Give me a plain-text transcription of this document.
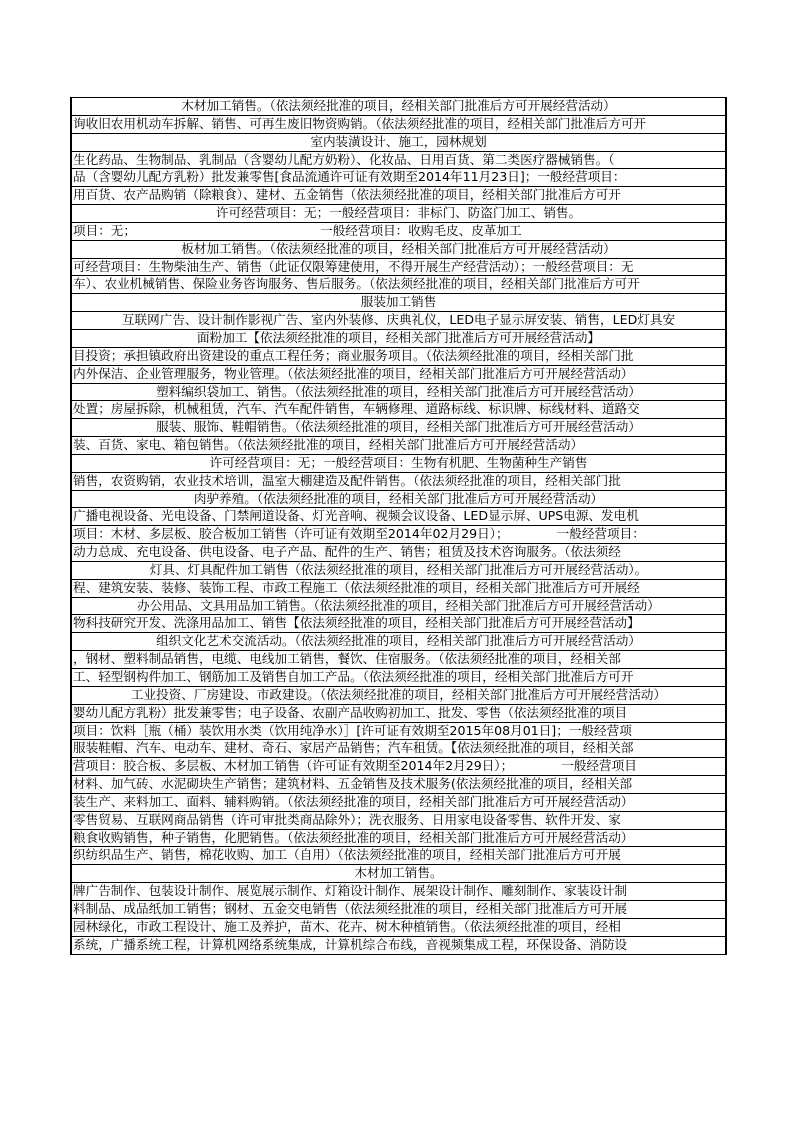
木材加工销售。（依法须经批准的项目，经相关部门批准后方可开展经营活动）
询收旧农用机动车拆解、销售、可再生废旧物资购销。（依法须经批准的项目，经相关部门批准后方可开
室内装潢设计、施工，园林规划
生化药品、生物制品、乳制品（含婴幼儿配方奶粉）、化妆品、日用百货、第二类医疗器械销售。（
品（含婴幼儿配方乳粉）批发兼零售[食品流通许可证有效期至2014年11月23日]；一般经营项目：
用百货、农产品购销（除粮食）、建材、五金销售（依法须经批准的项目，经相关部门批准后方可开
许可经营项目：无；一般经营项目：非标门、防盗门加工、销售。
项目：无；                                              一般经营项目：收购毛皮、皮革加工
板材加工销售。（依法须经批准的项目，经相关部门批准后方可开展经营活动）
可经营项目：生物柴油生产、销售（此证仅限筹建使用，不得开展生产经营活动）；一般经营项目：无
车）、农业机械销售、保险业务咨询服务、售后服务。（依法须经批准的项目，经相关部门批准后方可开
服装加工销售
互联网广告、设计制作影视广告、室内外装修、庆典礼仪，LED电子显示屏安装、销售，LED灯具安
面粉加工【依法须经批准的项目，经相关部门批准后方可开展经营活动】
目投资；承担镇政府出资建设的重点工程任务；商业服务项目。（依法须经批准的项目，经相关部门批
内外保洁、企业管理服务，物业管理。（依法须经批准的项目，经相关部门批准后方可开展经营活动）
塑料编织袋加工、销售。（依法须经批准的项目，经相关部门批准后方可开展经营活动）
处置；房屋拆除，机械租赁，汽车、汽车配件销售，车辆修理、道路标线、标识牌、标线材料、道路交
服装、服饰、鞋帽销售。（依法须经批准的项目，经相关部门批准后方可开展经营活动）
装、百货、家电、箱包销售。（依法须经批准的项目，经相关部门批准后方可开展经营活动）
许可经营项目：无；一般经营项目：生物有机肥、生物菌种生产销售
销售，农资购销，农业技术培训，温室大棚建造及配件销售。（依法须经批准的项目，经相关部门批
肉驴养殖。（依法须经批准的项目，经相关部门批准后方可开展经营活动）
广播电视设备、光电设备、门禁闸道设备、灯光音响、视频会议设备、LED显示屏、UPS电源、发电机
项目：木材、多层板、胶合板加工销售（许可证有效期至2014年02月29日）；            一般经营项目：
动力总成、充电设备、供电设备、电子产品、配件的生产、销售；租赁及技术咨询服务。（依法须经
灯具、灯具配件加工销售（依法须经批准的项目，经相关部门批准后方可开展经营活动）。
程、建筑安装、装修、装饰工程、市政工程施工（依法须经批准的项目，经相关部门批准后方可开展经
办公用品、文具用品加工销售。（依法须经批准的项目，经相关部门批准后方可开展经营活动）
物科技研究开发、洗涤用品加工、销售【依法须经批准的项目，经相关部门批准后方可开展经营活动】
组织文化艺术交流活动。（依法须经批准的项目，经相关部门批准后方可开展经营活动）
，钢材、塑料制品销售，电缆、电线加工销售，餐饮、住宿服务。（依法须经批准的项目，经相关部
工、轻型钢构件加工、钢筋加工及销售自加工产品。（依法须经批准的项目，经相关部门批准后方可开
工业投资、厂房建设、市政建设。（依法须经批准的项目，经相关部门批准后方可开展经营活动）
婴幼儿配方乳粉）批发兼零售；电子设备、农副产品收购初加工、批发、零售（依法须经批准的项目
项目：饮料［瓶（桶）装饮用水类（饮用纯净水）］[许可证有效期至2015年08月01日]；一般经营项
服装鞋帽、汽车、电动车、建材、奇石、家居产品销售；汽车租赁。【依法须经批准的项目，经相关部
营项目：胶合板、多层板、木材加工销售（许可证有效期至2014年2月29日）；            一般经营项目
材料、加气砖、水泥砌块生产销售；建筑材料、五金销售及技术服务(依法须经批准的项目，经相关部
装生产、来料加工、面料、辅料购销。（依法须经批准的项目，经相关部门批准后方可开展经营活动）
零售贸易、互联网商品销售（许可审批类商品除外）；洗衣服务、日用家电设备零售、软件开发、家
粮食收购销售，种子销售，化肥销售。（依法须经批准的项目，经相关部门批准后方可开展经营活动）
织纺织品生产、销售，棉花收购、加工（自用）（依法须经批准的项目，经相关部门批准后方可开展
木材加工销售。
牌广告制作、包装设计制作、展览展示制作、灯箱设计制作、展架设计制作、雕刻制作、家装设计制
料制品、成品纸加工销售；钢材、五金交电销售（依法须经批准的项目，经相关部门批准后方可开展
园林绿化，市政工程设计、施工及养护，苗木、花卉、树木种植销售。（依法须经批准的项目，经相
系统，广播系统工程，计算机网络系统集成，计算机综合布线，音视频集成工程，环保设备、消防设
